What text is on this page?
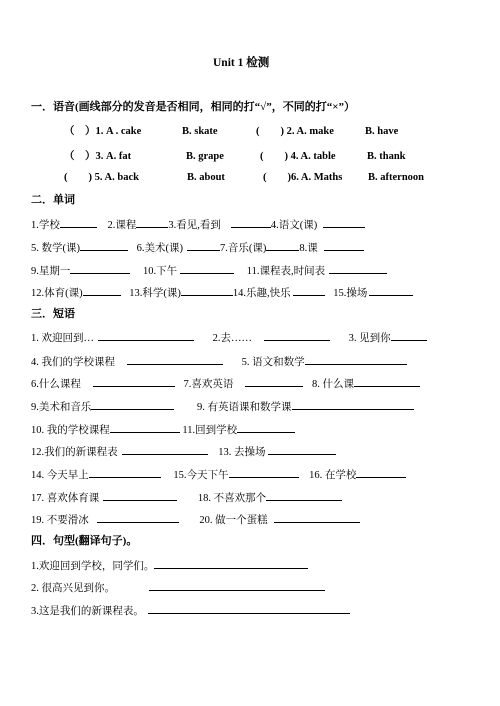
Unit 1 检测
一．语音(画线部分的发音是否相同，相同的打“√”，不同的打“×”）
（　）1. A . cake	B. skate	(　　) 2. A. make	B. have
（　）3. A. fat	B. grape	(　　) 4. A. table	B. thank
(　　) 5. A. back	B. about	(　　)6. A. Maths B. afternoon
二．单词
1.学校	2.课程	3.看见,看到	4.语文(课)
5. 数学(课)	6.美术(课)	7.音乐(课)	8.课
9.星期一	10.下午	11.课程表,时间表
12.体育(课)	13.科学(课)	14.乐趣,快乐	15.操场
三．短语
1. 欢迎回到…	2.去……	3. 见到你
4. 我们的学校课程	5. 语文和数学
6.什么课程	7.喜欢英语	8. 什么课
9.美术和音乐	9. 有英语课和数学课
10. 我的学校课程	11.回到学校
12.我们的新课程表	13. 去操场
14. 今天早上	15.今天下午	16. 在学校
17. 喜欢体育课	18. 不喜欢那个
19. 不要滑冰	20. 做一个蛋糕
四．句型(翻译句子)。
1.欢迎回到学校，同学们。
2. 很高兴见到你。
3.这是我们的新课程表。
